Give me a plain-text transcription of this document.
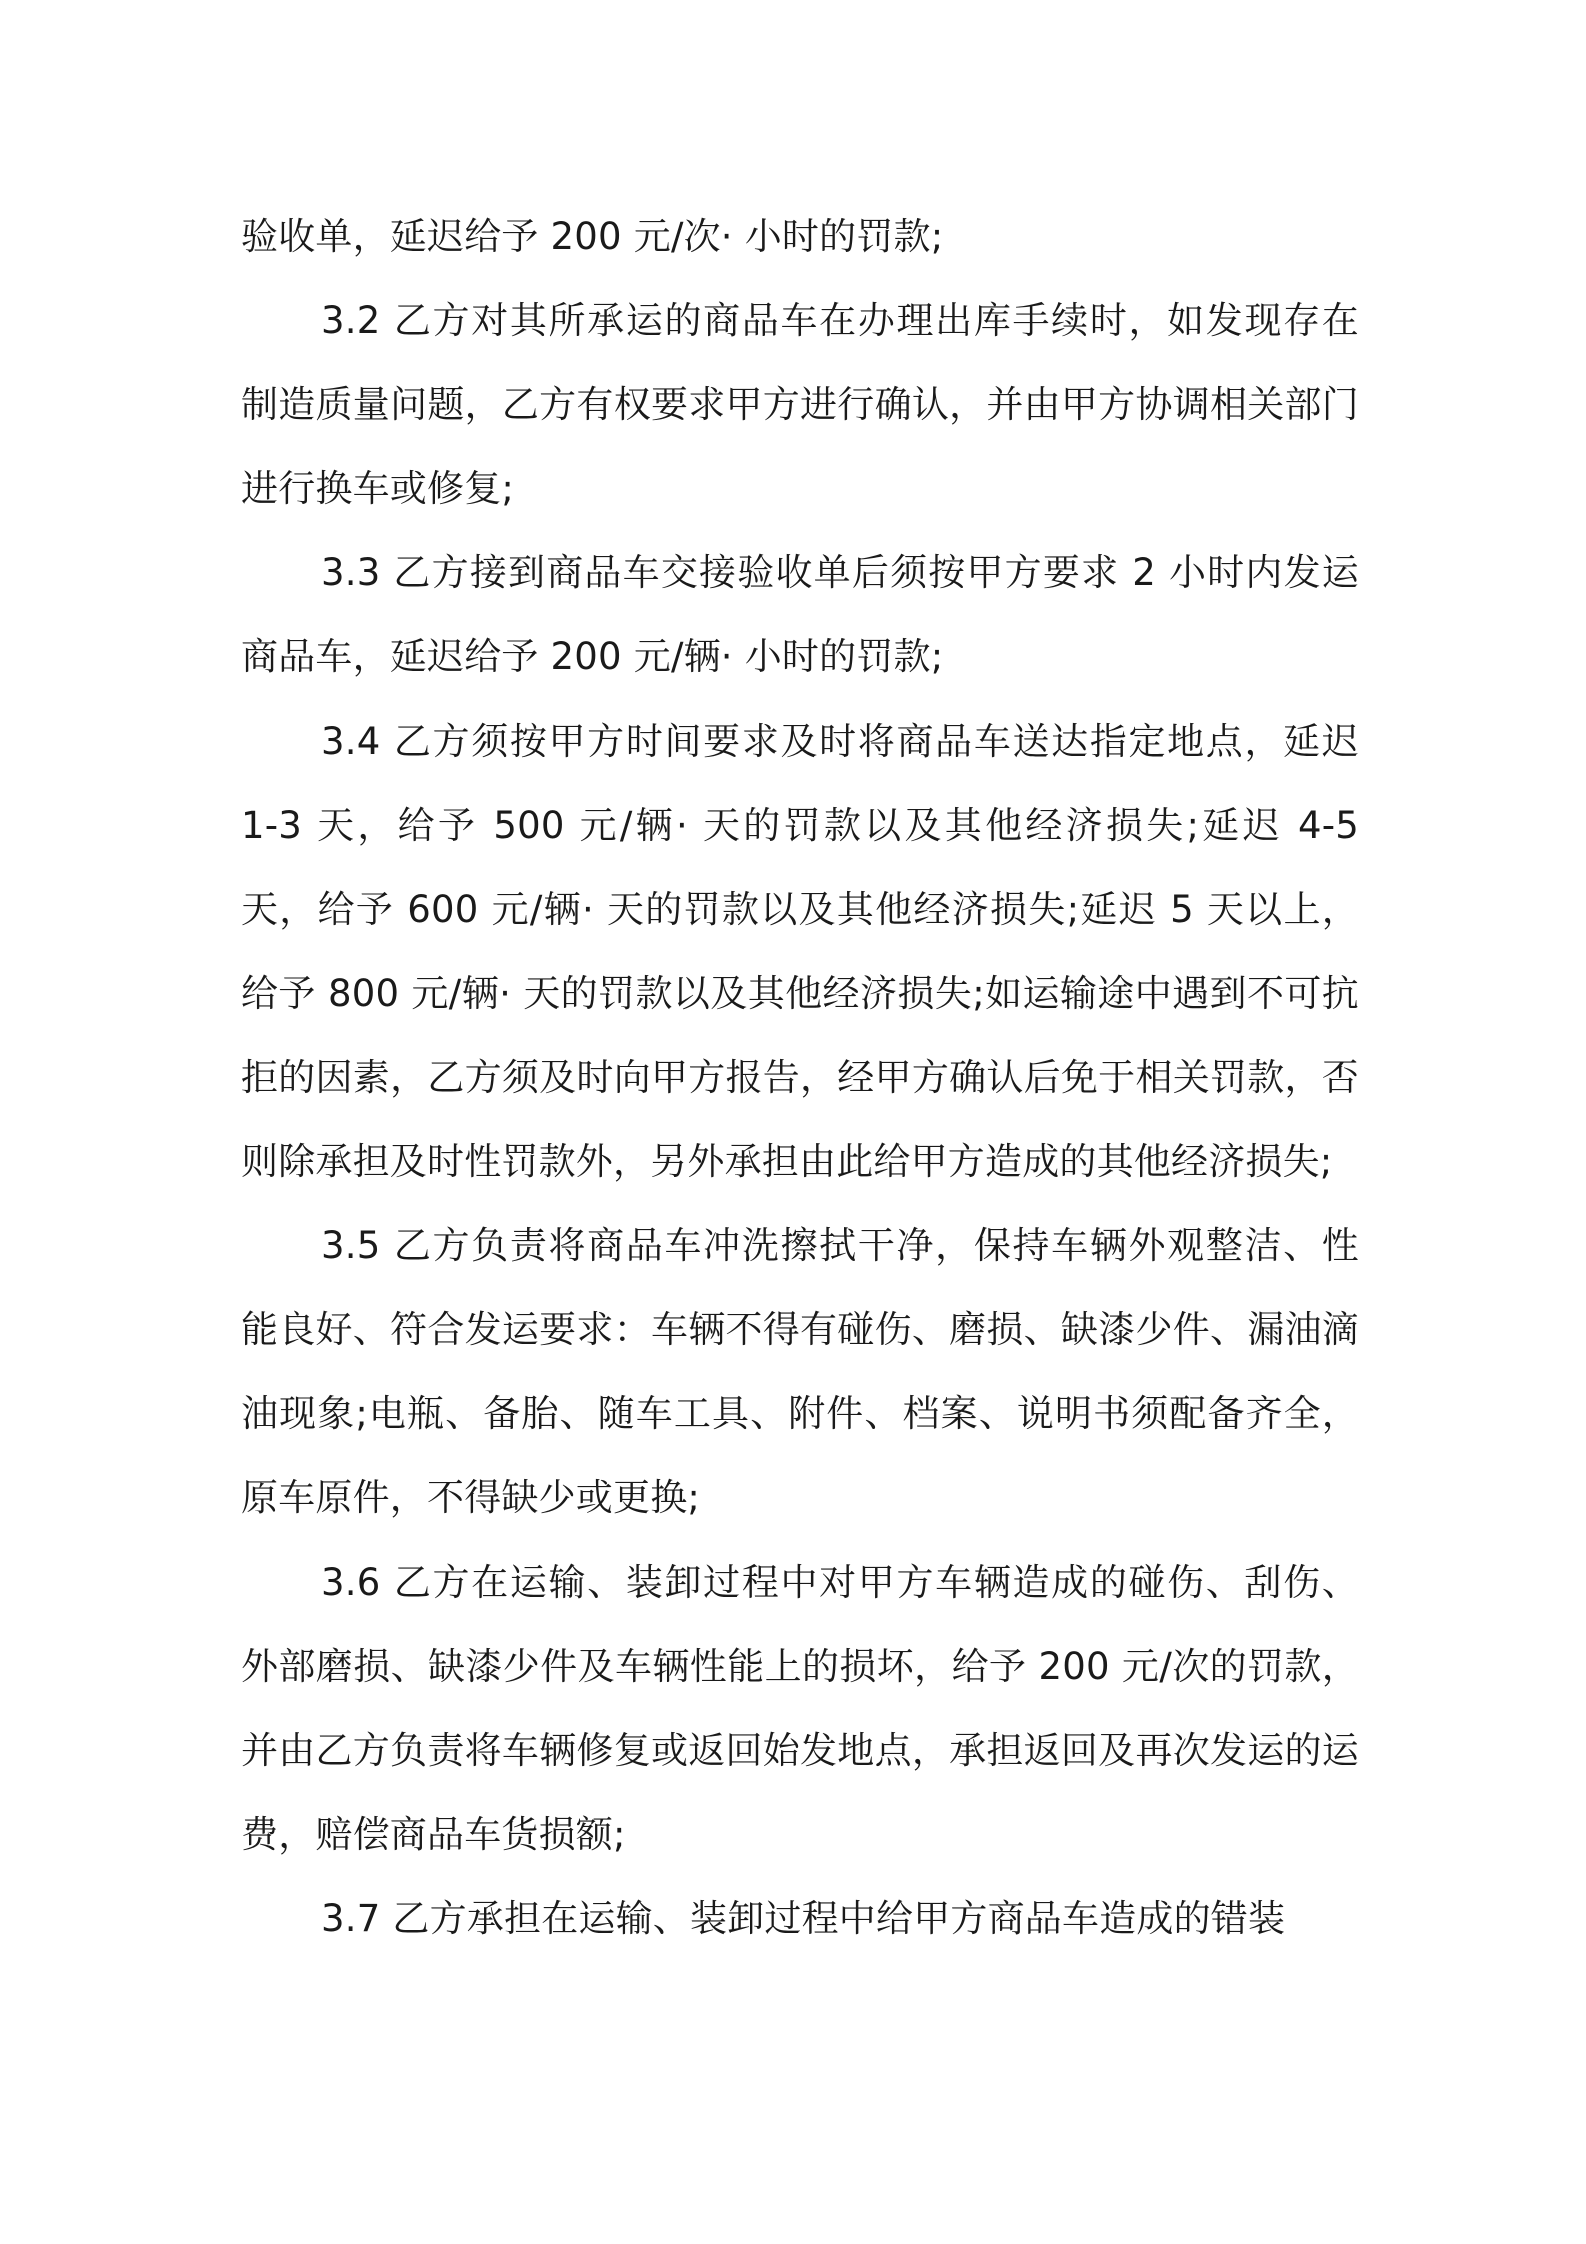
验收单，延迟给予 200 元/次· 小时的罚款;

3.2 乙方对其所承运的商品车在办理出库手续时，如发现存在制造质量问题，乙方有权要求甲方进行确认，并由甲方协调相关部门进行换车或修复;

3.3 乙方接到商品车交接验收单后须按甲方要求 2 小时内发运商品车，延迟给予 200 元/辆· 小时的罚款;

3.4 乙方须按甲方时间要求及时将商品车送达指定地点，延迟 1-3 天，给予 500 元/辆· 天的罚款以及其他经济损失;延迟 4-5 天，给予 600 元/辆· 天的罚款以及其他经济损失;延迟 5 天以上，给予 800 元/辆· 天的罚款以及其他经济损失;如运输途中遇到不可抗拒的因素，乙方须及时向甲方报告，经甲方确认后免于相关罚款，否则除承担及时性罚款外，另外承担由此给甲方造成的其他经济损失;

3.5 乙方负责将商品车冲洗擦拭干净，保持车辆外观整洁、性能良好、符合发运要求：车辆不得有碰伤、磨损、缺漆少件、漏油滴油现象;电瓶、备胎、随车工具、附件、档案、说明书须配备齐全，原车原件，不得缺少或更换;

3.6 乙方在运输、装卸过程中对甲方车辆造成的碰伤、刮伤、外部磨损、缺漆少件及车辆性能上的损坏，给予 200 元/次的罚款，并由乙方负责将车辆修复或返回始发地点，承担返回及再次发运的运费，赔偿商品车货损额;

3.7 乙方承担在运输、装卸过程中给甲方商品车造成的错装
